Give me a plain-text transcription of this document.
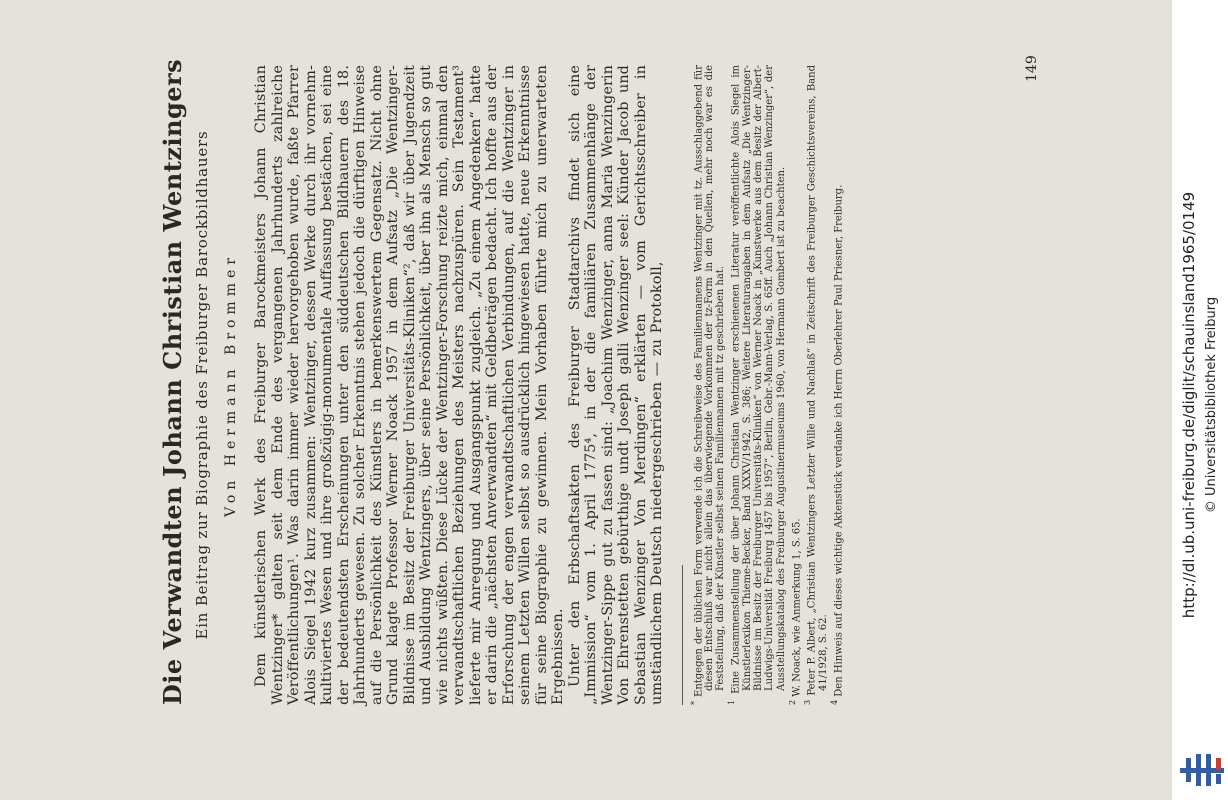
Die Verwandten Johann Christian Wentzingers Ein Beitrag zur Biographie des Freiburger Barockbildhauers Von Hermann Brommer Dem künstlerischen Werk des Freiburger Barockmeisters Johann Christian Wentzinger* galten seit dem Ende des vergangenen Jahrhunderts zahlreiche Veröffentlichungen¹. Was darin immer wieder hervorgehoben wurde, faßte Pfarrer Alois Siegel 1942 kurz zusammen: Wentzinger, dessen Werke durch ihr vornehm-kultiviertes Wesen und ihre großzügig-monumentale Auffassung bestächen, sei eine der bedeutendsten Erscheinungen unter den süddeutschen Bildhauern des 18. Jahrhunderts gewesen. Zu solcher Erkenntnis stehen jedoch die dürftigen Hinweise auf die Persönlichkeit des Künstlers in bemerkenswertem Gegensatz. Nicht ohne Grund klagte Professor Werner Noack 1957 in dem Aufsatz „Die Wentzinger-Bildnisse im Besitz der Freiburger Universitäts-Kliniken“², daß wir über Jugendzeit und Ausbildung Wentzingers, über seine Persönlichkeit, über ihn als Mensch so gut wie nichts wüßten. Diese Lücke der Wentzinger-Forschung reizte mich, einmal den verwandtschaftlichen Beziehungen des Meisters nachzuspüren. Sein Testament³ lieferte mir Anregung und Ausgangspunkt zugleich. „Zu einem Angedenken“ hatte er darin die „nächsten Anverwandten“ mit Geldbeträgen bedacht. Ich hoffte aus der Erforschung der engen verwandtschaftlichen Verbindungen, auf die Wentzinger in seinem Letzten Willen selbst so ausdrücklich hingewiesen hatte, neue Erkenntnisse für seine Biographie zu gewinnen. Mein Vorhaben führte mich zu unerwarteten Ergebnissen. Unter den Erbschaftsakten des Freiburger Stadtarchivs findet sich eine „Immission“ vom 1. April 1775⁴, in der die familiären Zusammenhänge der Wentzinger-Sippe gut zu fassen sind: „Joachim Wenzinger, anna Maria Wenzingerin Von Ehrenstetten gebürthige undt Joseph galli Wenzinger seel: Künder Jacob und Sebastian Wenzinger Von Merdingen“ erklärten — vom Gerichtsschreiber in umständlichem Deutsch niedergeschrieben — zu Protokoll,	* Entgegen der üblichen Form verwende ich die Schreibweise des Familiennamens Wentzinger mit tz. Ausschlaggebend für diesen Entschluß war nicht allein das überwiegende Vorkommen der tz-Form in den Quellen, mehr noch war es die Feststellung, daß der Künstler selbst seinen Familiennamen mit tz geschrieben hat.

$^1$ Eine Zusammenstellung der über Johann Christian Wentzinger erschienenen Literatur veröffentlichte Alois Siegel im Künstlerlexikon Thieme-Becker, Band XXXV/1942, S. 386; Weitere Literaturangaben in dem Aufsatz „Die Wentzinger-Bildnisse im Besitz der Freiburger Universitäts-Kliniken“ von Werner Noack in „Kunstwerke aus dem Besitz der Albert-Ludwigs-Universität Freiburg 1457 bis 1957“, Berlin, Gebr.-Mann-Verlag, S. 65ff. Auch „Johann Christian Wenzinger“, der Ausstellungskatalog des Freiburger Augustinermuseums 1960, von Hermann Gombert ist zu beachten.

$^2$ W. Noack, wie Anmerkung 1, S. 65.

$^3$ Peter P. Albert, „Christian Wentzingers Letzter Wille und Nachlaß“ in Zeitschrift des Freiburger Geschichtsvereins, Band 41/1928, S. 62.

$^4$ Den Hinweis auf dieses wichtige Aktenstück verdanke ich Herrn Oberlehrer Paul Priesner, Freiburg.

149
http://dl.ub.uni-freiburg.de/diglit/schauinsland1965/0149 © Universitätsbibliothek Freiburg
